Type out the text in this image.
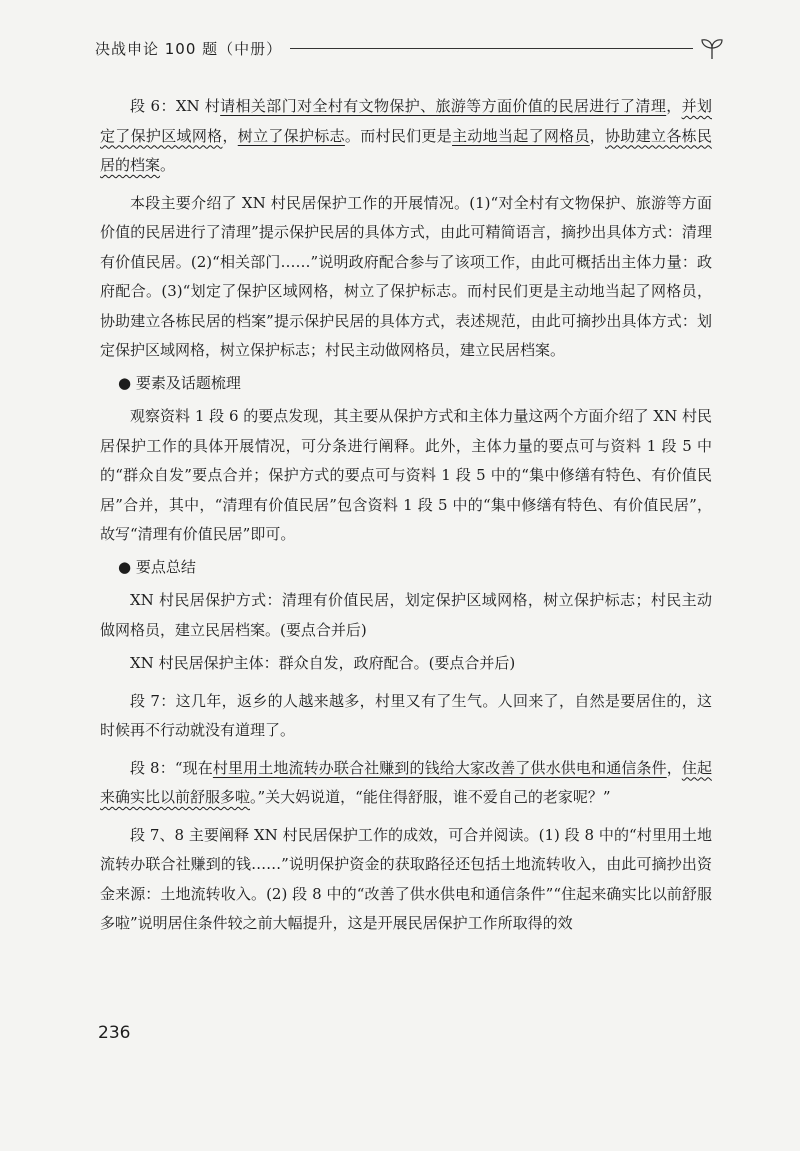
决战申论 100 题（中册）

段 6：XN 村请相关部门对全村有文物保护、旅游等方面价值的民居进行了清理，并划定了保护区域网格，树立了保护标志。而村民们更是主动地当起了网格员，协助建立各栋民居的档案。

本段主要介绍了 XN 村民居保护工作的开展情况。(1)“对全村有文物保护、旅游等方面价值的民居进行了清理”提示保护民居的具体方式，由此可精简语言，摘抄出具体方式：清理有价值民居。(2)“相关部门……”说明政府配合参与了该项工作，由此可概括出主体力量：政府配合。(3)“划定了保护区域网格，树立了保护标志。而村民们更是主动地当起了网格员，协助建立各栋民居的档案”提示保护民居的具体方式，表述规范，由此可摘抄出具体方式：划定保护区域网格，树立保护标志；村民主动做网格员，建立民居档案。

● 要素及话题梳理

观察资料 1 段 6 的要点发现，其主要从保护方式和主体力量这两个方面介绍了 XN 村民居保护工作的具体开展情况，可分条进行阐释。此外，主体力量的要点可与资料 1 段 5 中的“群众自发”要点合并；保护方式的要点可与资料 1 段 5 中的“集中修缮有特色、有价值民居”合并，其中，“清理有价值民居”包含资料 1 段 5 中的“集中修缮有特色、有价值民居”，故写“清理有价值民居”即可。

● 要点总结

XN 村民居保护方式：清理有价值民居，划定保护区域网格，树立保护标志；村民主动做网格员，建立民居档案。(要点合并后)

XN 村民居保护主体：群众自发，政府配合。(要点合并后)

段 7：这几年，返乡的人越来越多，村里又有了生气。人回来了，自然是要居住的，这时候再不行动就没有道理了。

段 8：“现在村里用土地流转办联合社赚到的钱给大家改善了供水供电和通信条件，住起来确实比以前舒服多啦。”关大妈说道，“能住得舒服，谁不爱自己的老家呢？”

段 7、8 主要阐释 XN 村民居保护工作的成效，可合并阅读。(1) 段 8 中的“村里用土地流转办联合社赚到的钱……”说明保护资金的获取路径还包括土地流转收入，由此可摘抄出资金来源：土地流转收入。(2) 段 8 中的“改善了供水供电和通信条件”“住起来确实比以前舒服多啦”说明居住条件较之前大幅提升，这是开展民居保护工作所取得的效

236
